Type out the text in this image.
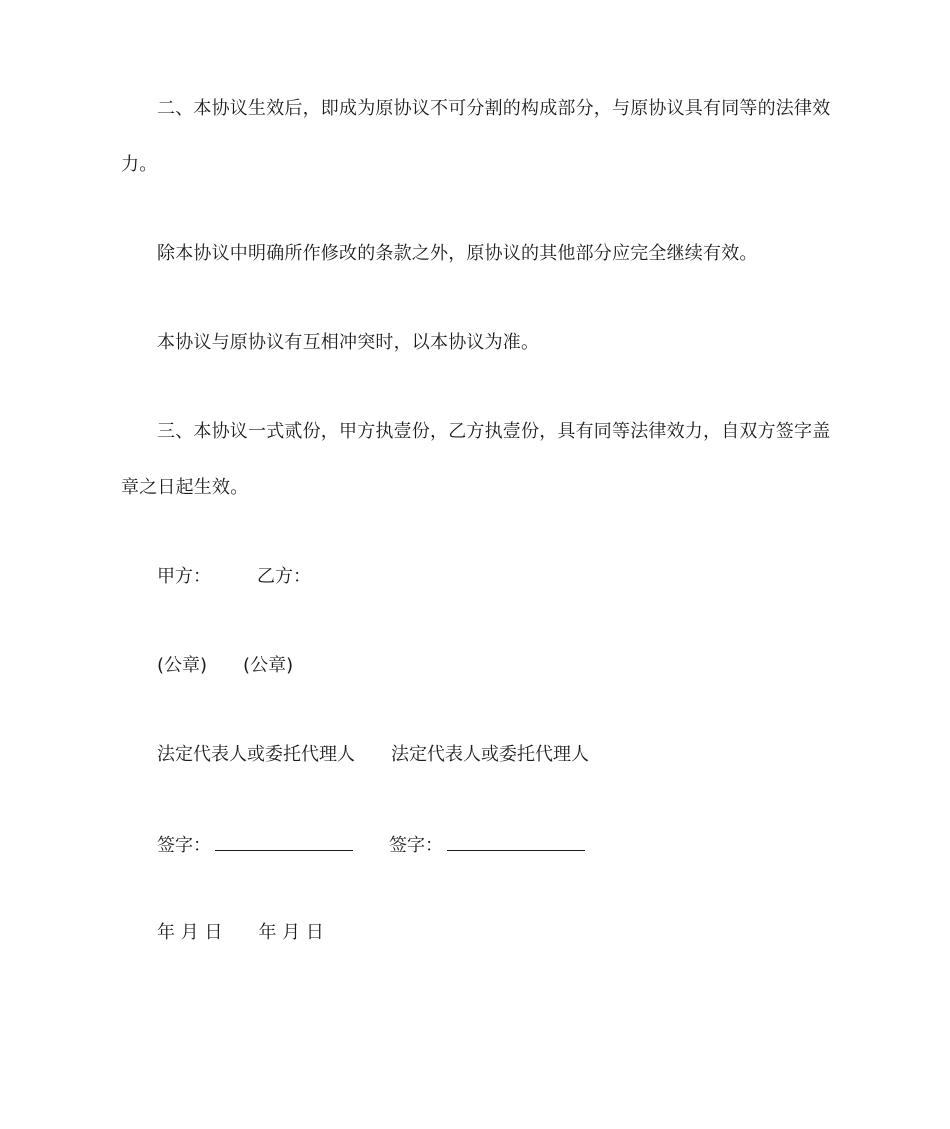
二、本协议生效后，即成为原协议不可分割的构成部分，与原协议具有同等的法律效力。
除本协议中明确所作修改的条款之外，原协议的其他部分应完全继续有效。
本协议与原协议有互相冲突时，以本协议为准。
三、本协议一式贰份，甲方执壹份，乙方执壹份，具有同等法律效力，自双方签字盖章之日起生效。
甲方：	乙方：
(公章) (公章)
法定代表人或委托代理人 法定代表人或委托代理人
签字：	签字：
年 月 日 年 月 日
